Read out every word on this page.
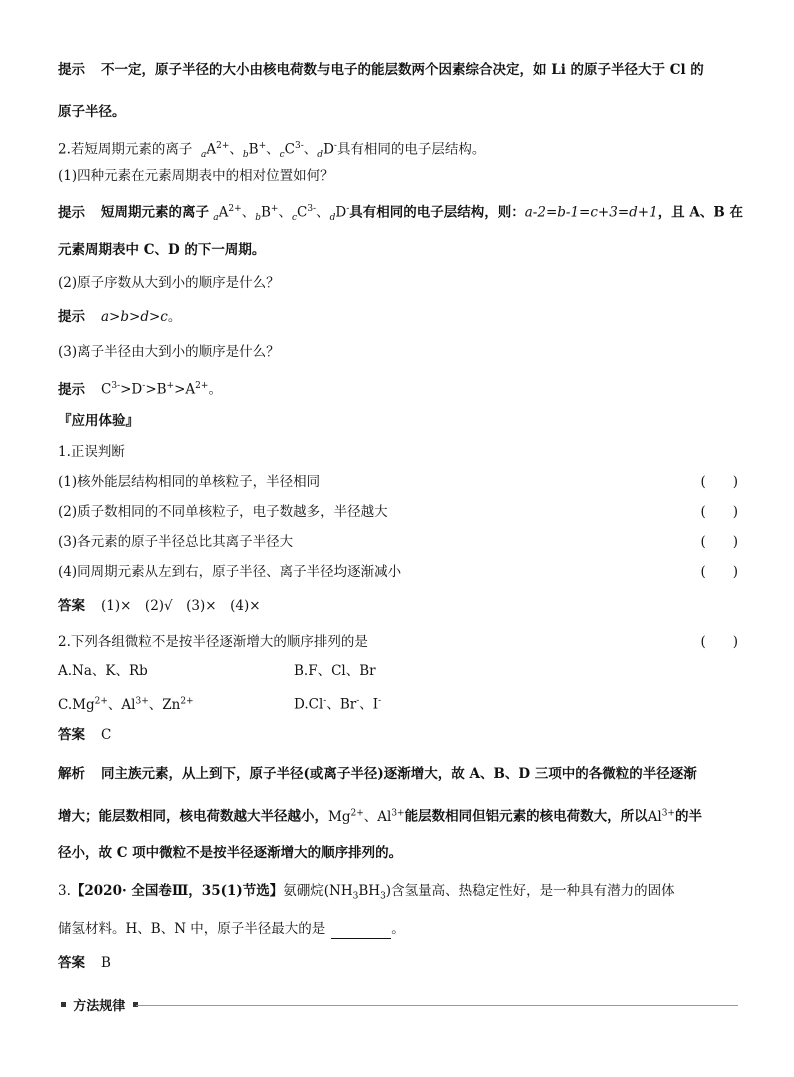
提示 不一定，原子半径的大小由核电荷数与电子的能层数两个因素综合决定，如 Li 的原子半径大于 Cl 的
原子半径。
2.若短周期元素的离子 $_aA^{2+}$、$_b$B+、$_cC^{3-}$、$_d$D-具有相同的电子层结构。
(1)四种元素在元素周期表中的相对位置如何？
提示 短周期元素的离子 $_aA^{2+}$、$_b$B+、$_cC^{3-}$、$_d$D-具有相同的电子层结构，则：a-2=b-1=c+3=d+1，且 A、B 在
元素周期表中 C、D 的下一周期。
(2)原子序数从大到小的顺序是什么？
提示 a>b>d>c。
(3)离子半径由大到小的顺序是什么？
提示 $C^{3-}>D^->B^+>A^{2+}$。
『应用体验』
1.正误判断
(1)核外能层结构相同的单核粒子，半径相同	(　　)
(2)质子数相同的不同单核粒子，电子数越多，半径越大	(　　)
(3)各元素的原子半径总比其离子半径大	(　　)
(4)同周期元素从左到右，原子半径、离子半径均逐渐减小	(　　)
答案 (1)×　(2)√　(3)×　(4)×
2.下列各组微粒不是按半径逐渐增大的顺序排列的是	(　　)
A.Na、K、Rb	B.F、Cl、Br
$C.Mg^{2+}$、$Al^{3+}$、$Zn^{2+}$	D.Cl-、Br-、I-
答案 C
解析 同主族元素，从上到下，原子半径(或离子半径)逐渐增大，故 A、B、D 三项中的各微粒的半径逐渐
增大；能层数相同，核电荷数越大半径越小，$Mg^{2+}$、$Al^{3+}$能层数相同但铝元素的核电荷数大，所以$Al^{3+}$的半
径小，故 C 项中微粒不是按半径逐渐增大的顺序排列的。
3.【2020· 全国卷Ⅲ，35(1)节选】氨硼烷$(NH_3BH_3)$含氢量高、热稳定性好，是一种具有潜力的固体
储氢材料。H、B、N 中，原子半径最大的是	。
答案 B
方法规律
